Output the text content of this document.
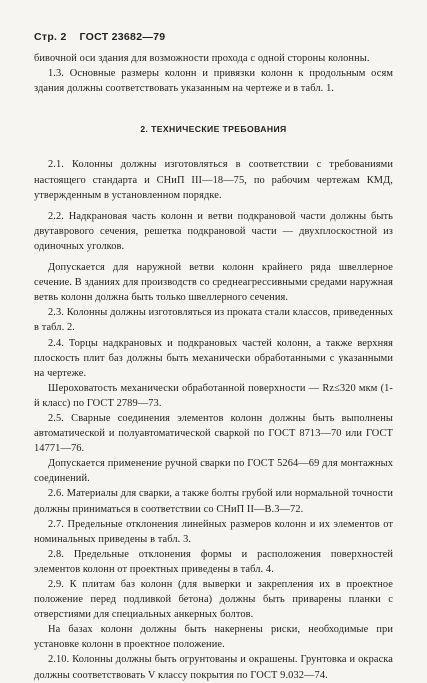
Стр. 2 ГОСТ 23682—79

бивочной оси здания для возможности прохода с одной стороны колонны.

1.3. Основные размеры колонн и привязки колонн к продольным осям здания должны соответствовать указанным на чертеже и в табл. 1.

2. ТЕХНИЧЕСКИЕ ТРЕБОВАНИЯ

2.1. Колонны должны изготовляться в соответствии с требованиями настоящего стандарта и СНиП III—18—75, по рабочим чертежам КМД, утвержденным в установленном порядке.

2.2. Надкрановая часть колонн и ветви подкрановой части должны быть двутаврового сечения, решетка подкрановой части — двухплоскостной из одиночных уголков.

Допускается для наружной ветви колонн крайнего ряда швеллерное сечение. В зданиях для производств со среднеагрессивными средами наружная ветвь колонн должна быть только швеллерного сечения.

2.3. Колонны должны изготовляться из проката стали классов, приведенных в табл. 2.

2.4. Торцы надкрановых и подкрановых частей колонн, а также верхняя плоскость плит баз должны быть механически обработанными с указанными на чертеже.

Шероховатость механически обработанной поверхности — Rz≤320 мкм (1-й класс) по ГОСТ 2789—73.

2.5. Сварные соединения элементов колонн должны быть выполнены автоматической и полуавтоматической сваркой по ГОСТ 8713—70 или ГОСТ 14771—76.

Допускается применение ручной сварки по ГОСТ 5264—69 для монтажных соединений.

2.6. Материалы для сварки, а также болты грубой или нормальной точности должны приниматься в соответствии со СНиП II—В.3—72.

2.7. Предельные отклонения линейных размеров колонн и их элементов от номинальных приведены в табл. 3.

2.8. Предельные отклонения формы и расположения поверхностей элементов колонн от проектных приведены в табл. 4.

2.9. К плитам баз колонн (для выверки и закрепления их в проектное положение перед подливкой бетона) должны быть приварены планки с отверстиями для специальных анкерных болтов.

На базах колонн должны быть накернены риски, необходимые при установке колонн в проектное положение.

2.10. Колонны должны быть огрунтованы и окрашены. Грунтовка и окраска должны соответствовать V классу покрытия по ГОСТ 9.032—74.
